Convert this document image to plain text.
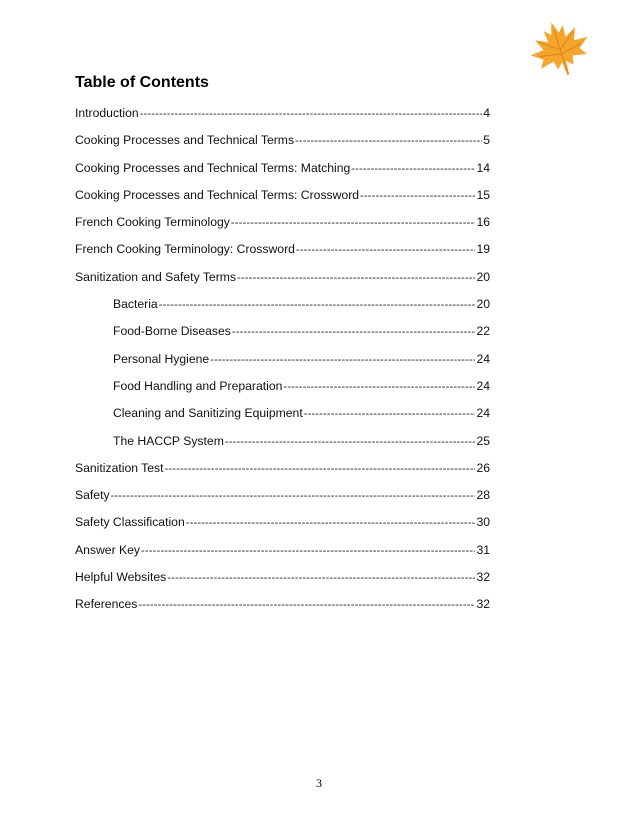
Table of Contents
Introduction -----	4
Cooking Processes and Technical Terms -----	5
Cooking Processes and Technical Terms: Matching -----	14
Cooking Processes and Technical Terms: Crossword -----	15
French Cooking Terminology -----	16
French Cooking Terminology: Crossword -----	19
Sanitization and Safety Terms -----	20
Bacteria -----	20
Food-Borne Diseases -----	22
Personal Hygiene -----	24
Food Handling and Preparation -----	24
Cleaning and Sanitizing Equipment -----	24
The HACCP System -----	25
Sanitization Test -----	26
Safety -----	28
Safety Classification -----	30
Answer Key -----	31
Helpful Websites -----	32
References -----	32
3
